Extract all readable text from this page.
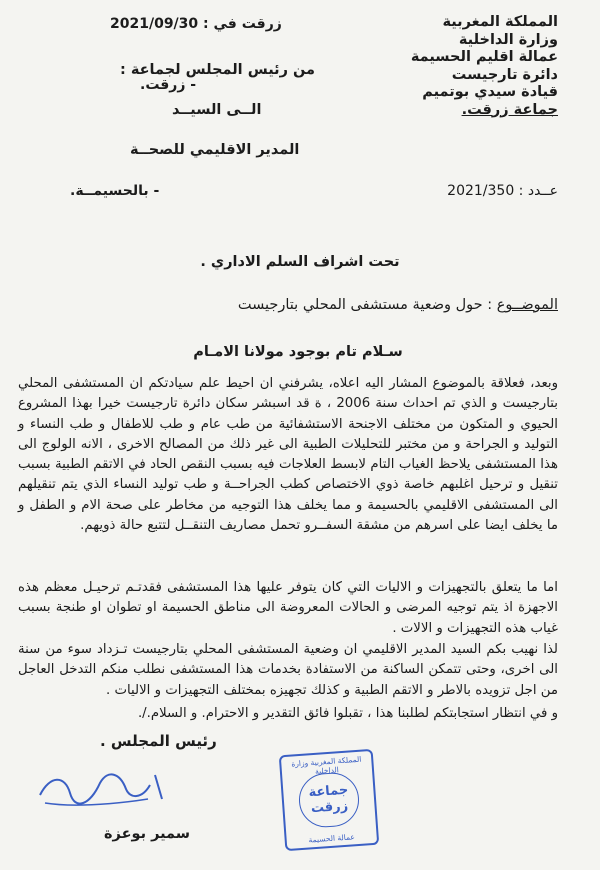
المملكة المغربية
وزارة الداخلية
عمالة اقليم الحسيمة
دائرة تارجيست
قيادة سيدي بوتميم
جماعة زرقت.
زرقت في : 2021/09/30
من رئيس المجلس لجماعة :
- زرقت.
الــى السيــد
المدير الاقليمي للصحــة
- بالحسيمــة.	عــدد : 2021/350
تحت اشراف السلم الاداري .
الموضــوع : حول وضعية مستشفى المحلي بتارجيست
سـلام تام بوجود مولانا الامـام
وبعد، فعلاقة بالموضوع المشار اليه اعلاه، يشرفني ان احيط علم سيادتكم ان المستشفى المحلي بتارجيست و الذي تم احداث سنة 2006 ، ة قد اسبشر سكان دائرة تارجيست خيرا بهذا المشروع الحيوي و المتكون من مختلف الاجنحة الاستشفائية من طب عام و طب للاطفال و طب النساء و التوليد و الجراحة و من مختبر للتحليلات الطبية الى غير ذلك من المصالح الاخرى ، الانه الولوج الى هذا المستشفى يلاحظ الغياب التام لابسط العلاجات فيه بسبب النقص الحاد في الاتقم الطبية بسبب تنقيل و ترحيل اغلبهم خاصة ذوي الاختصاص كطب الجراحــة و طب توليد النساء الذي يتم تنقيلهم الى المستشفى الاقليمي بالحسيمة و مما يخلف هذا التوجيه من مخاطر على صحة الام و الطفل و ما يخلف ايضا على اسرهم من مشقة السفــرو تحمل مصاريف التنقــل لتتبع حالة ذويهم.
اما ما يتعلق بالتجهيزات و الاليات التي كان يتوفر عليها هذا المستشفى فقدتـم ترحيـل معظم هذه الاجهزة اذ يتم توجيه المرضى و الحالات المعروضة الى مناطق الحسيمة او تطوان او طنجة بسبب غياب هذه التجهيزات و الالات .
لذا نهيب بكم السيد المدير الاقليمي ان وضعية المستشفى المحلي بتارجيست تـزداد سوء من سنة الى اخرى، وحتى تتمكن الساكنة من الاستفادة بخدمات هذا المستشفى نطلب منكم التدخل العاجل من اجل تزويده بالاطر و الاتقم الطبية و كذلك تجهيزه بمختلف التجهيزات و الاليات .
و في انتظار استجابتكم لطلبنا هذا ، تقبلوا فائق التقدير و الاحترام. و السلام./.
رئيس المجلس .
المملكة المغربية وزارة الداخلية
جماعة زرقت
عمالة الحسيمة
سمير بوعزة
